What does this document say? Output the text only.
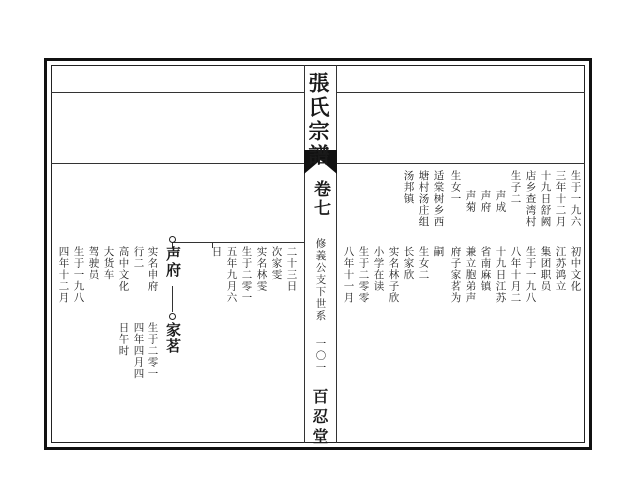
張氏宗譜
卷七
修義公支下世系
一〇一
百忍堂
声府
家茗
实名申府
行二
高中文化
大货车
驾驶员
生于一九八
四年十二月
生于二零一
四年四月四
日午时
二十三日
次家雯
实名林雯
生于二零一
五年九月六
日	生于二零零
八年十一月	生女二
长家欣
实名林子欣
小学在读	嗣 府子家茗为 兼立胞弟声 省南麻镇 十九日江苏 八年十月二 生于一九八 集团职员 江苏鸿立 初中文化
汤邦镇 塘村汤庄组 适棠树乡西 生女一 声菊 声府 生子二
声成 店乡查湾村 十九日舒阙 三年十二月 生于一九六
